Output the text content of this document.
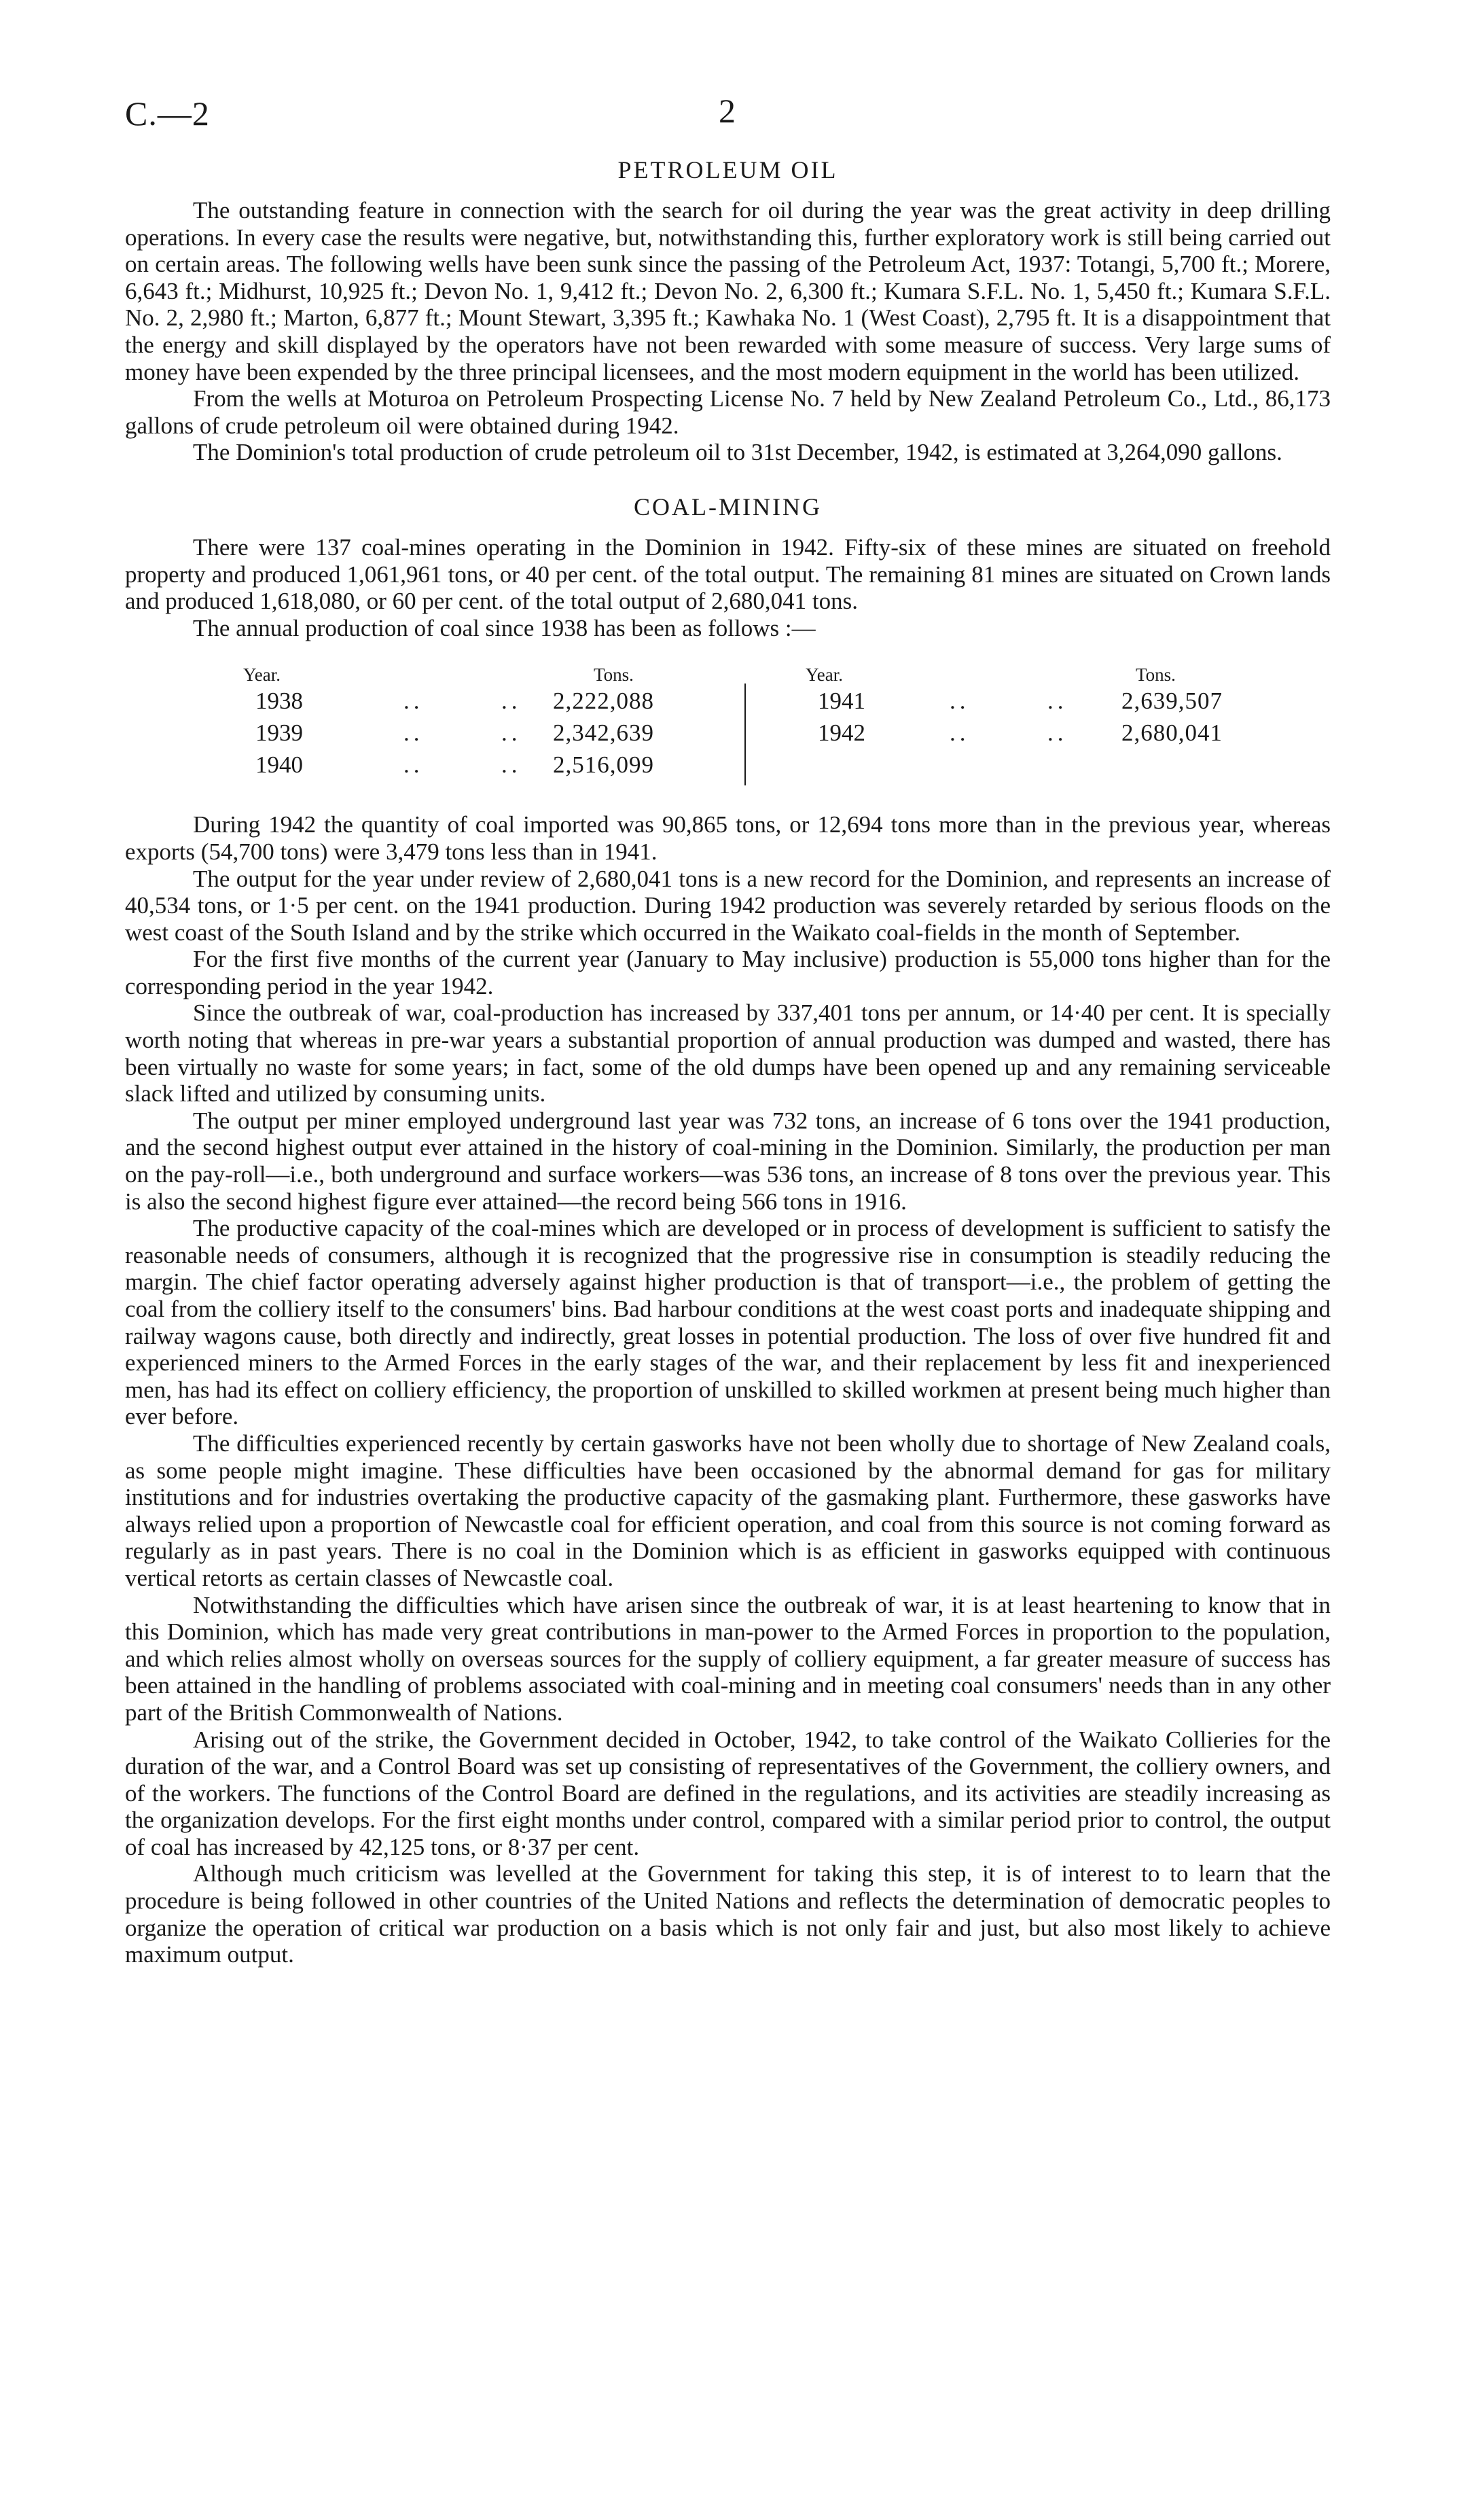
C.—2	2
PETROLEUM OIL

The outstanding feature in connection with the search for oil during the year was the great activity in deep drilling operations. In every case the results were negative, but, notwithstanding this, further exploratory work is still being carried out on certain areas. The following wells have been sunk since the passing of the Petroleum Act, 1937: Totangi, 5,700 ft.; Morere, 6,643 ft.; Midhurst, 10,925 ft.; Devon No. 1, 9,412 ft.; Devon No. 2, 6,300 ft.; Kumara S.F.L. No. 1, 5,450 ft.; Kumara S.F.L. No. 2, 2,980 ft.; Marton, 6,877 ft.; Mount Stewart, 3,395 ft.; Kawhaka No. 1 (West Coast), 2,795 ft. It is a disappointment that the energy and skill displayed by the operators have not been rewarded with some measure of success. Very large sums of money have been expended by the three principal licensees, and the most modern equipment in the world has been utilized.

From the wells at Moturoa on Petroleum Prospecting License No. 7 held by New Zealand Petroleum Co., Ltd., 86,173 gallons of crude petroleum oil were obtained during 1942.

The Dominion's total production of crude petroleum oil to 31st December, 1942, is estimated at 3,264,090 gallons.

COAL-MINING

There were 137 coal-mines operating in the Dominion in 1942. Fifty-six of these mines are situated on freehold property and produced 1,061,961 tons, or 40 per cent. of the total output. The remaining 81 mines are situated on Crown lands and produced 1,618,080, or 60 per cent. of the total output of 2,680,041 tons.

The annual production of coal since 1938 has been as follows :—

Year.	Tons.
1938	..	.. 2,222,088
1939	..	.. 2,342,639
1940	..	.. 2,516,099
Year.	Tons.
1941	..	.. 2,639,507
1942	..	.. 2,680,041

During 1942 the quantity of coal imported was 90,865 tons, or 12,694 tons more than in the previous year, whereas exports (54,700 tons) were 3,479 tons less than in 1941.

The output for the year under review of 2,680,041 tons is a new record for the Dominion, and represents an increase of 40,534 tons, or 1·5 per cent. on the 1941 production. During 1942 production was severely retarded by serious floods on the west coast of the South Island and by the strike which occurred in the Waikato coal-fields in the month of September.

For the first five months of the current year (January to May inclusive) production is 55,000 tons higher than for the corresponding period in the year 1942.

Since the outbreak of war, coal-production has increased by 337,401 tons per annum, or 14·40 per cent. It is specially worth noting that whereas in pre-war years a substantial proportion of annual production was dumped and wasted, there has been virtually no waste for some years; in fact, some of the old dumps have been opened up and any remaining serviceable slack lifted and utilized by consuming units.

The output per miner employed underground last year was 732 tons, an increase of 6 tons over the 1941 production, and the second highest output ever attained in the history of coal-mining in the Dominion. Similarly, the production per man on the pay-roll—i.e., both underground and surface workers—was 536 tons, an increase of 8 tons over the previous year. This is also the second highest figure ever attained—the record being 566 tons in 1916.

The productive capacity of the coal-mines which are developed or in process of development is sufficient to satisfy the reasonable needs of consumers, although it is recognized that the progressive rise in consumption is steadily reducing the margin. The chief factor operating adversely against higher production is that of transport—i.e., the problem of getting the coal from the colliery itself to the consumers' bins. Bad harbour conditions at the west coast ports and inadequate shipping and railway wagons cause, both directly and indirectly, great losses in potential production. The loss of over five hundred fit and experienced miners to the Armed Forces in the early stages of the war, and their replacement by less fit and inexperienced men, has had its effect on colliery efficiency, the proportion of unskilled to skilled workmen at present being much higher than ever before.

The difficulties experienced recently by certain gasworks have not been wholly due to shortage of New Zealand coals, as some people might imagine. These difficulties have been occasioned by the abnormal demand for gas for military institutions and for industries overtaking the productive capacity of the gasmaking plant. Furthermore, these gasworks have always relied upon a proportion of Newcastle coal for efficient operation, and coal from this source is not coming forward as regularly as in past years. There is no coal in the Dominion which is as efficient in gasworks equipped with continuous vertical retorts as certain classes of Newcastle coal.

Notwithstanding the difficulties which have arisen since the outbreak of war, it is at least heartening to know that in this Dominion, which has made very great contributions in man-power to the Armed Forces in proportion to the population, and which relies almost wholly on overseas sources for the supply of colliery equipment, a far greater measure of success has been attained in the handling of problems associated with coal-mining and in meeting coal consumers' needs than in any other part of the British Commonwealth of Nations.

Arising out of the strike, the Government decided in October, 1942, to take control of the Waikato Collieries for the duration of the war, and a Control Board was set up consisting of representatives of the Government, the colliery owners, and of the workers. The functions of the Control Board are defined in the regulations, and its activities are steadily increasing as the organization develops. For the first eight months under control, compared with a similar period prior to control, the output of coal has increased by 42,125 tons, or 8·37 per cent.

Although much criticism was levelled at the Government for taking this step, it is of interest to to learn that the procedure is being followed in other countries of the United Nations and reflects the determination of democratic peoples to organize the operation of critical war production on a basis which is not only fair and just, but also most likely to achieve maximum output.
